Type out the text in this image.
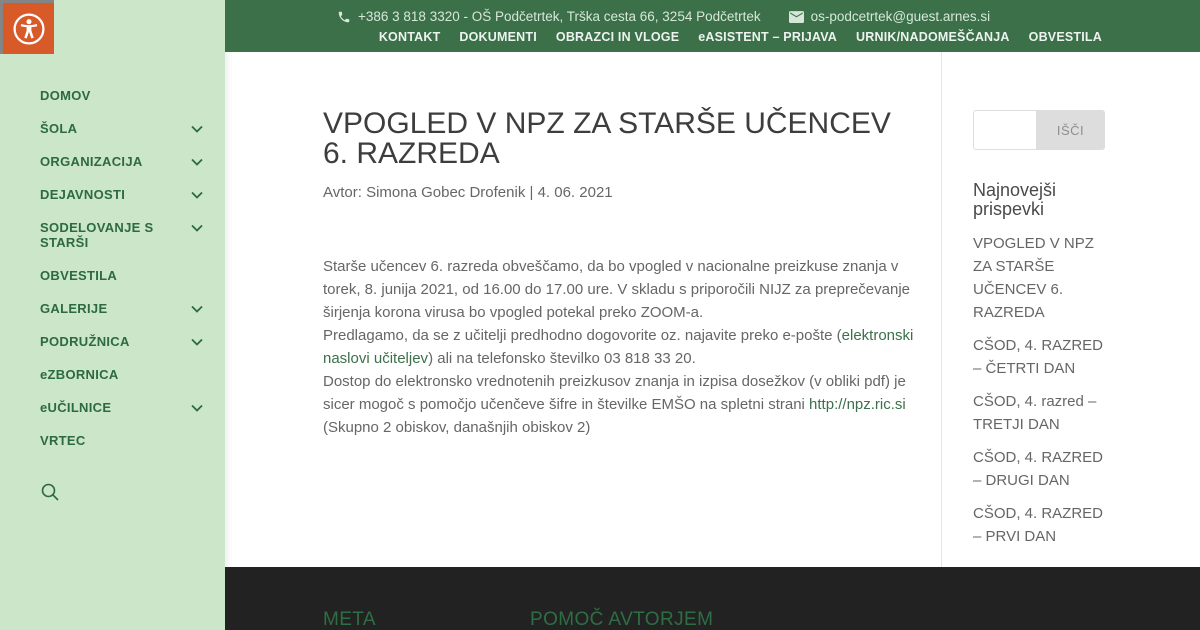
+386 3 818 3320 - OŠ Podčetrtek, Trška cesta 66, 3254 Podčetrtek	os-podcetrtek@guest.arnes.si
KONTAKT DOKUMENTI OBRAZCI IN VLOGE eASISTENT – PRIJAVA URNIK/NADOMEŠČANJA OBVESTILA
DOMOV
ŠOLA
ORGANIZACIJA
DEJAVNOSTI
SODELOVANJE S STARŠI
OBVESTILA
GALERIJE
PODRUŽNICA
eZBORNICA
eUČILNICE
VRTEC
VPOGLED V NPZ ZA STARŠE UČENCEV 6. RAZREDA

Avtor: Simona Gobec Drofenik | 4. 06. 2021

Starše učencev 6. razreda obveščamo, da bo vpogled v nacionalne preizkuse znanja v torek, 8. junija 2021, od 16.00 do 17.00 ure. V skladu s priporočili NIJZ za preprečevanje širjenja korona virusa bo vpogled potekal preko ZOOM-a.
Predlagamo, da se z učitelji predhodno dogovorite oz. najavite preko e-pošte (elektronski naslovi učiteljev) ali na telefonsko številko 03 818 33 20.
Dostop do elektronsko vrednotenih preizkusov znanja in izpisa dosežkov (v obliki pdf) je sicer mogoč s pomočjo učenčeve šifre in številke EMŠO na spletni strani http://npz.ric.si
(Skupno 2 obiskov, današnjih obiskov 2)
IŠČI
Najnovejši prispevki
VPOGLED V NPZ ZA STARŠE UČENCEV 6. RAZREDA
CŠOD, 4. RAZRED – ČETRTI DAN
CŠOD, 4. razred – TRETJI DAN
CŠOD, 4. RAZRED – DRUGI DAN
CŠOD, 4. RAZRED – PRVI DAN
META	POMOČ AVTORJEM
